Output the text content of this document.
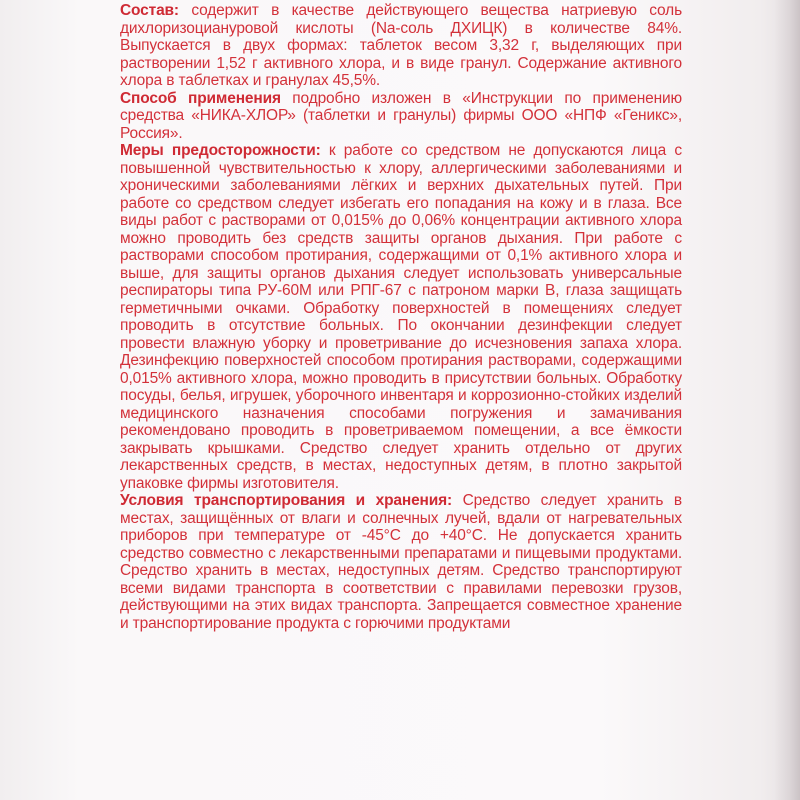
Состав: содержит в качестве действующего вещества натриевую соль дихлоризоциануровой кислоты (Na-соль ДХИЦК) в количестве 84%. Выпускается в двух формах: таблеток весом 3,32 г, выделяющих при растворении 1,52 г активного хлора, и в виде гранул. Содержание активного хлора в таблетках и гранулах 45,5%.

Способ применения подробно изложен в «Инструкции по применению средства «НИКА-ХЛОР» (таблетки и гранулы) фирмы ООО «НПФ «Геникс», Россия».

Меры предосторожности: к работе со средством не допускаются лица с повышенной чувствительностью к хлору, аллергическими заболеваниями и хроническими заболеваниями лёгких и верхних дыхательных путей. При работе со средством следует избегать его попадания на кожу и в глаза. Все виды работ с растворами от 0,015% до 0,06% концентрации активного хлора можно проводить без средств защиты органов дыхания. При работе с растворами способом протирания, содержащими от 0,1% активного хлора и выше, для защиты органов дыхания следует использовать универсальные респираторы типа РУ-60М или РПГ-67 с патроном марки В, глаза защищать герметичными очками. Обработку поверхностей в помещениях следует проводить в отсутствие больных. По окончании дезинфекции следует провести влажную уборку и проветривание до исчезновения запаха хлора. Дезинфекцию поверхностей способом протирания растворами, содержащими 0,015% активного хлора, можно проводить в присутствии больных. Обработку посуды, белья, игрушек, уборочного инвентаря и коррозионно-стойких изделий медицинского назначения способами погружения и замачивания рекомендовано проводить в проветриваемом помещении, а все ёмкости закрывать крышками. Средство следует хранить отдельно от других лекарственных средств, в местах, недоступных детям, в плотно закрытой упаковке фирмы изготовителя.

Условия транспортирования и хранения: Средство следует хранить в местах, защищённых от влаги и солнечных лучей, вдали от нагревательных приборов при температуре от -45°С до +40°С. Не допускается хранить средство совместно с лекарственными препаратами и пищевыми продуктами. Средство хранить в местах, недоступных детям. Средство транспортируют всеми видами транспорта в соответствии с правилами перевозки грузов, действующими на этих видах транспорта. Запрещается совместное хранение и транспортирование продукта с горючими продуктами
